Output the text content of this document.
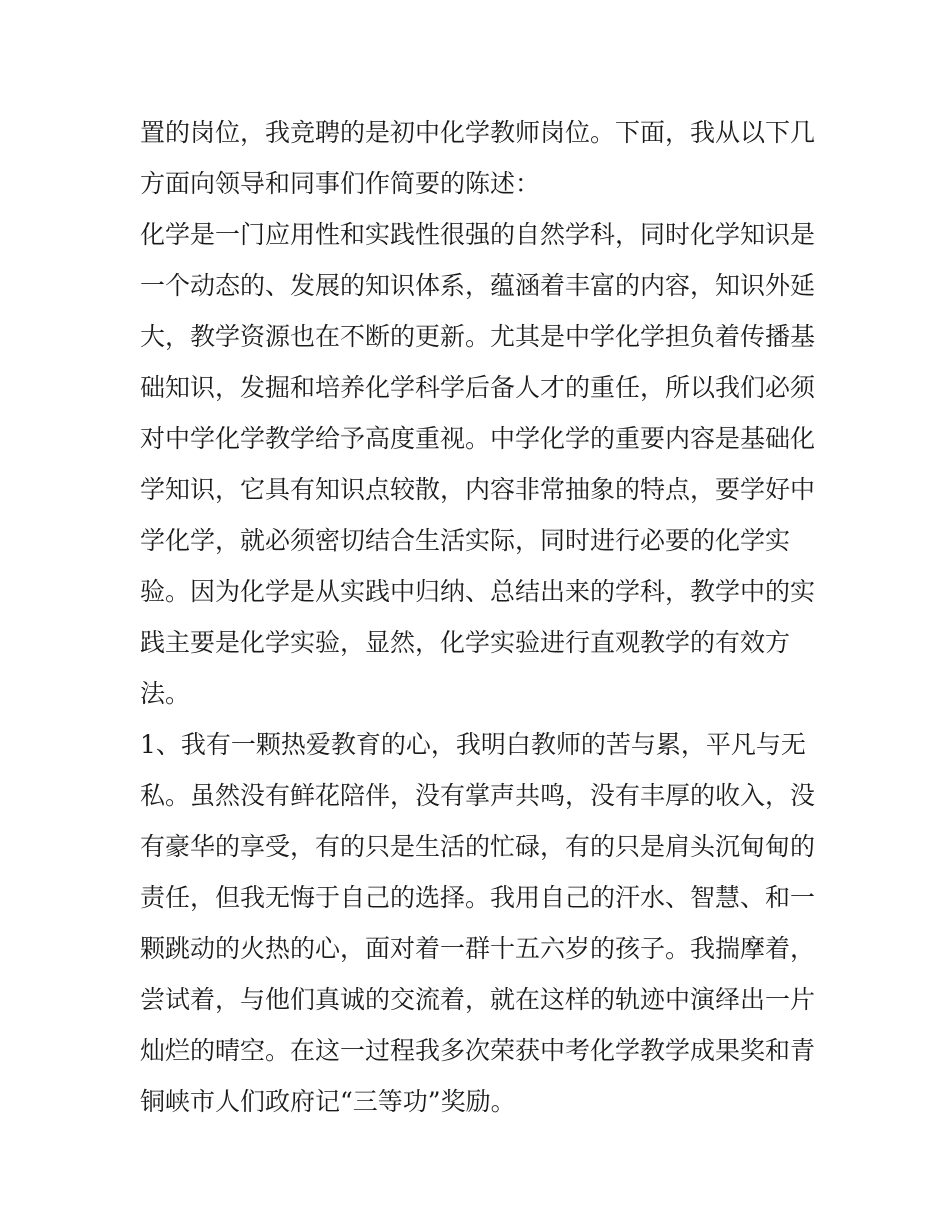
置的岗位，我竞聘的是初中化学教师岗位。下面，我从以下几
方面向领导和同事们作简要的陈述：
化学是一门应用性和实践性很强的自然学科，同时化学知识是
一个动态的、发展的知识体系，蕴涵着丰富的内容，知识外延
大，教学资源也在不断的更新。尤其是中学化学担负着传播基
础知识，发掘和培养化学科学后备人才的重任，所以我们必须
对中学化学教学给予高度重视。中学化学的重要内容是基础化
学知识，它具有知识点较散，内容非常抽象的特点，要学好中
学化学，就必须密切结合生活实际，同时进行必要的化学实
验。因为化学是从实践中归纳、总结出来的学科，教学中的实
践主要是化学实验，显然，化学实验进行直观教学的有效方
法。
1、我有一颗热爱教育的心，我明白教师的苦与累，平凡与无
私。虽然没有鲜花陪伴，没有掌声共鸣，没有丰厚的收入，没
有豪华的享受，有的只是生活的忙碌，有的只是肩头沉甸甸的
责任，但我无悔于自己的选择。我用自己的汗水、智慧、和一
颗跳动的火热的心，面对着一群十五六岁的孩子。我揣摩着，
尝试着，与他们真诚的交流着，就在这样的轨迹中演绎出一片
灿烂的晴空。在这一过程我多次荣获中考化学教学成果奖和青
铜峡市人们政府记“三等功”奖励。
